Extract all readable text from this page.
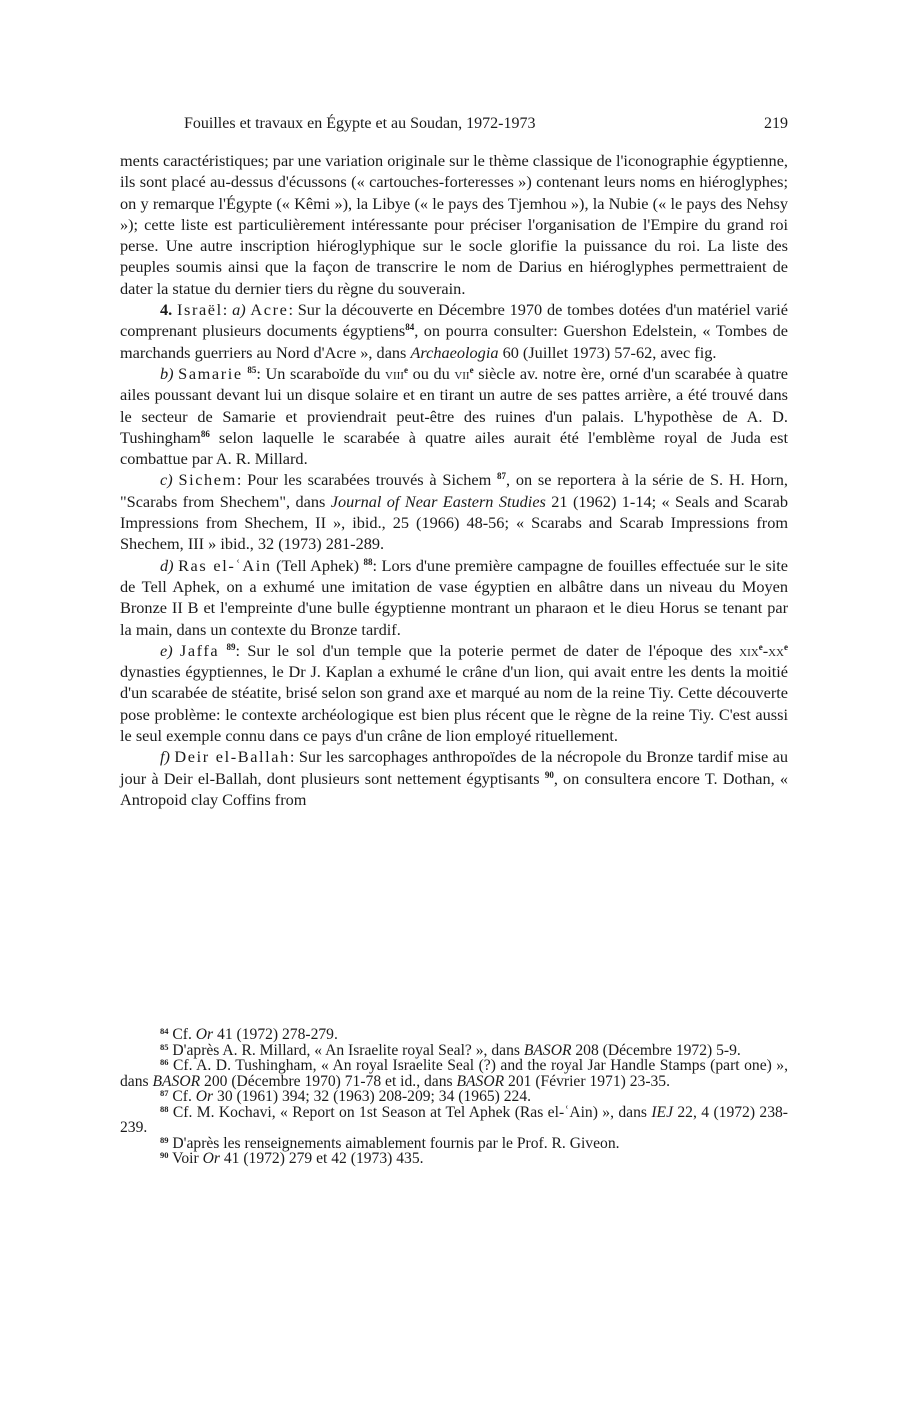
Fouilles et travaux en Égypte et au Soudan, 1972-1973	219

ments caractéristiques; par une variation originale sur le thème classique de l'iconographie égyptienne, ils sont placé au-dessus d'écussons (« cartouches-forteresses ») contenant leurs noms en hiéroglyphes; on y remarque l'Égypte (« Kêmi »), la Libye (« le pays des Tjemhou »), la Nubie (« le pays des Nehsy »); cette liste est particulièrement intéressante pour préciser l'organisation de l'Empire du grand roi perse. Une autre inscription hiéroglyphique sur le socle glorifie la puissance du roi. La liste des peuples soumis ainsi que la façon de transcrire le nom de Darius en hiéroglyphes permettraient de dater la statue du dernier tiers du règne du souverain.

4. Israël: a) Acre: Sur la découverte en Décembre 1970 de tombes dotées d'un matériel varié comprenant plusieurs documents égyptiens$^{84}$, on pourra consulter: Guershon Edelstein, « Tombes de marchands guerriers au Nord d'Acre », dans Archaeologia 60 (Juillet 1973) 57-62, avec fig.

b) Samarie $^{85}$: Un scaraboïde du viii$^e$ ou du vii$^e$ siècle av. notre ère, orné d'un scarabée à quatre ailes poussant devant lui un disque solaire et en tirant un autre de ses pattes arrière, a été trouvé dans le secteur de Samarie et proviendrait peut-être des ruines d'un palais. L'hypothèse de A. D. Tushingham$^{86}$ selon laquelle le scarabée à quatre ailes aurait été l'emblème royal de Juda est combattue par A. R. Millard.

c) Sichem: Pour les scarabées trouvés à Sichem $^{87}$, on se reportera à la série de S. H. Horn, "Scarabs from Shechem", dans Journal of Near Eastern Studies 21 (1962) 1-14; « Seals and Scarab Impressions from Shechem, II », ibid., 25 (1966) 48-56; « Scarabs and Scarab Impressions from Shechem, III » ibid., 32 (1973) 281-289.

d) Ras el-ʿAin (Tell Aphek) $^{88}$: Lors d'une première campagne de fouilles effectuée sur le site de Tell Aphek, on a exhumé une imitation de vase égyptien en albâtre dans un niveau du Moyen Bronze II B et l'empreinte d'une bulle égyptienne montrant un pharaon et le dieu Horus se tenant par la main, dans un contexte du Bronze tardif.

e) Jaffa $^{89}$: Sur le sol d'un temple que la poterie permet de dater de l'époque des $xix^e-xx^e$ dynasties égyptiennes, le Dr J. Kaplan a exhumé le crâne d'un lion, qui avait entre les dents la moitié d'un scarabée de stéatite, brisé selon son grand axe et marqué au nom de la reine Tiy. Cette découverte pose problème: le contexte archéologique est bien plus récent que le règne de la reine Tiy. C'est aussi le seul exemple connu dans ce pays d'un crâne de lion employé rituellement.

f) Deir el-Ballah: Sur les sarcophages anthropoïdes de la nécropole du Bronze tardif mise au jour à Deir el-Ballah, dont plusieurs sont nettement égyptisants $^{90}$, on consultera encore T. Dothan, « Antropoid clay Coffins from

$^{84}$ Cf. Or 41 (1972) 278-279.

$^{85}$ D'après A. R. Millard, « An Israelite royal Seal? », dans BASOR 208 (Décembre 1972) 5-9.

$^{86}$ Cf. A. D. Tushingham, « An royal Israelite Seal (?) and the royal Jar Handle Stamps (part one) », dans BASOR 200 (Décembre 1970) 71-78 et id., dans BASOR 201 (Février 1971) 23-35.

$^{87}$ Cf. Or 30 (1961) 394; 32 (1963) 208-209; 34 (1965) 224.

$^{88}$ Cf. M. Kochavi, « Report on 1st Season at Tel Aphek (Ras el-ʿAin) », dans IEJ 22, 4 (1972) 238-239.

$^{89}$ D'après les renseignements aimablement fournis par le Prof. R. Giveon.

$^{90}$ Voir Or 41 (1972) 279 et 42 (1973) 435.
